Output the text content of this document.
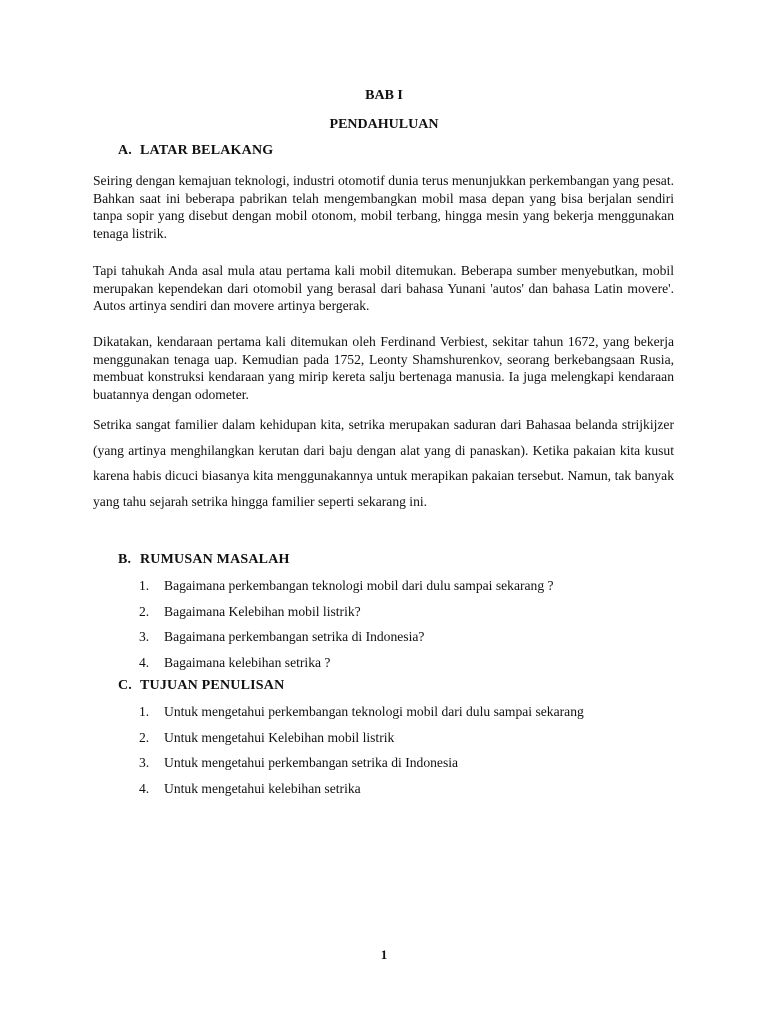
BAB I
PENDAHULUAN
A. LATAR BELAKANG

Seiring dengan kemajuan teknologi, industri otomotif dunia terus menunjukkan perkembangan yang pesat. Bahkan saat ini beberapa pabrikan telah mengembangkan mobil masa depan yang bisa berjalan sendiri tanpa sopir yang disebut dengan mobil otonom, mobil terbang, hingga mesin yang bekerja menggunakan tenaga listrik.

Tapi tahukah Anda asal mula atau pertama kali mobil ditemukan. Beberapa sumber menyebutkan, mobil merupakan kependekan dari otomobil yang berasal dari bahasa Yunani 'autos' dan bahasa Latin movere'. Autos artinya sendiri dan movere artinya bergerak.

Dikatakan, kendaraan pertama kali ditemukan oleh Ferdinand Verbiest, sekitar tahun 1672, yang bekerja menggunakan tenaga uap. Kemudian pada 1752, Leonty Shamshurenkov, seorang berkebangsaan Rusia, membuat konstruksi kendaraan yang mirip kereta salju bertenaga manusia. Ia juga melengkapi kendaraan buatannya dengan odometer.

Setrika sangat familier dalam kehidupan kita, setrika merupakan saduran dari Bahasaa belanda strijkijzer (yang artinya menghilangkan kerutan dari baju dengan alat yang di panaskan). Ketika pakaian kita kusut karena habis dicuci biasanya kita menggunakannya untuk merapikan pakaian tersebut. Namun, tak banyak yang tahu sejarah setrika hingga familier seperti sekarang ini.

B. RUMUSAN MASALAH
1. Bagaimana perkembangan teknologi mobil dari dulu sampai sekarang ?
2. Bagaimana Kelebihan mobil listrik?
3. Bagaimana perkembangan setrika di Indonesia?
4. Bagaimana kelebihan setrika ?
C. TUJUAN PENULISAN
1. Untuk mengetahui perkembangan teknologi mobil dari dulu sampai sekarang
2. Untuk mengetahui Kelebihan mobil listrik
3. Untuk mengetahui perkembangan setrika di Indonesia
4. Untuk mengetahui kelebihan setrika
1
